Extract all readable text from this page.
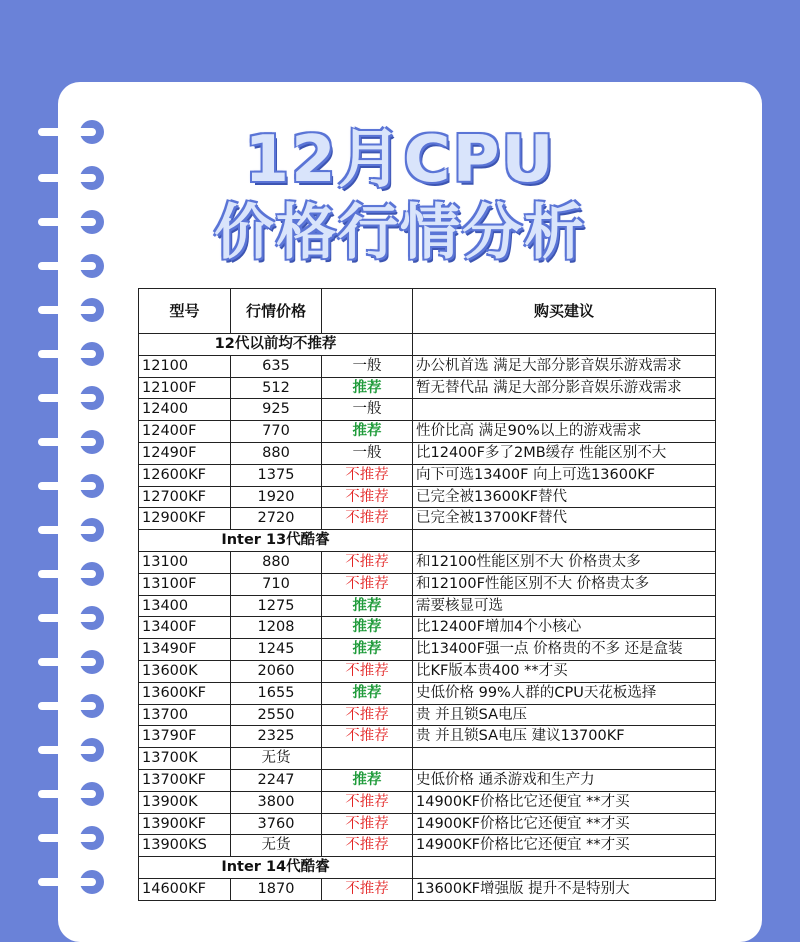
12月CPU
价格行情分析
型号	行情价格		购买建议
12代以前均不推荐			
12100	635	一般	办公机首选 满足大部分影音娱乐游戏需求
12100F	512	推荐	暂无替代品 满足大部分影音娱乐游戏需求
12400	925	一般	
12400F	770	推荐	性价比高 满足90%以上的游戏需求
12490F	880	一般	比12400F多了2MB缓存 性能区别不大
12600KF	1375	不推荐	向下可选13400F 向上可选13600KF
12700KF	1920	不推荐	已完全被13600KF替代
12900KF	2720	不推荐	已完全被13700KF替代
Inter 13代酷睿			
13100	880	不推荐	和12100性能区别不大 价格贵太多
13100F	710	不推荐	和12100F性能区别不大 价格贵太多
13400	1275	推荐	需要核显可选
13400F	1208	推荐	比12400F增加4个小核心
13490F	1245	推荐	比13400F强一点 价格贵的不多 还是盒装
13600K	2060	不推荐	比KF版本贵400 **才买
13600KF	1655	推荐	史低价格 99%人群的CPU天花板选择
13700	2550	不推荐	贵 并且锁SA电压
13790F	2325	不推荐	贵 并且锁SA电压 建议13700KF
13700K	无货		
13700KF	2247	推荐	史低价格 通杀游戏和生产力
13900K	3800	不推荐	14900KF价格比它还便宜 **才买
13900KF	3760	不推荐	14900KF价格比它还便宜 **才买
13900KS	无货	不推荐	14900KF价格比它还便宜 **才买
Inter 14代酷睿			
14600KF	1870	不推荐	13600KF增强版 提升不是特别大
